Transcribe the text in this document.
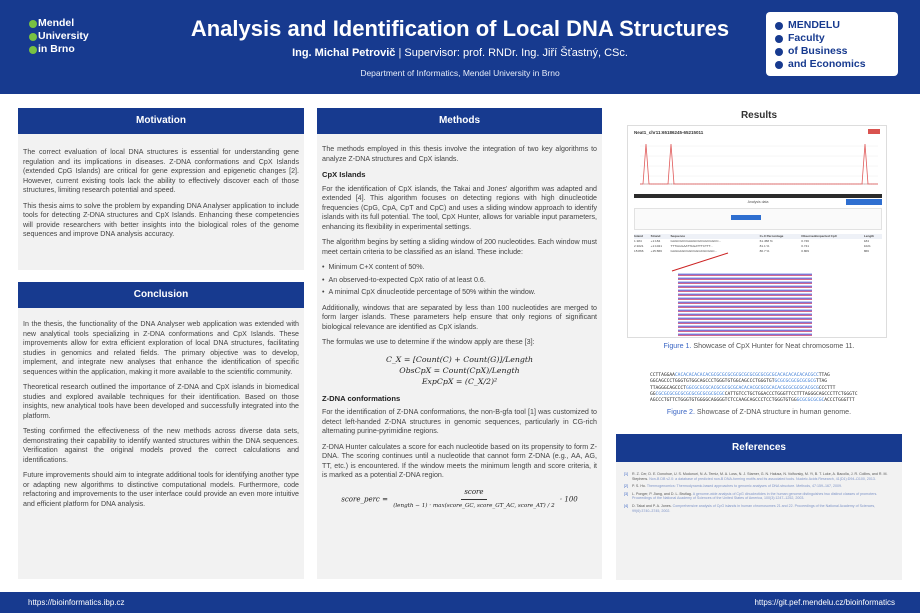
Mendel
University
in Brno
Analysis and Identification of Local DNA Structures
Ing. Michal Petrovič | Supervisor: prof. RNDr. Ing. Jiří Šťastný, CSc.
Department of Informatics, Mendel University in Brno
MENDELU
Faculty
of Business
and Economics
Motivation

The correct evaluation of local DNA structures is essential for understanding gene regulation and its implications in diseases. Z-DNA conformations and CpX Islands (extended CpG Islands) are critical for gene expression and epigenetic changes [2]. However, current existing tools lack the ability to effectively discover each of those structures, limiting research potential and speed.

This thesis aims to solve the problem by expanding DNA Analyser application to include tools for detecting Z-DNA structures and CpX Islands. Enhancing these competencies will provide researchers with better insights into the biological roles of the genome sequences and improve DNA analysis accuracy.

Conclusion

In the thesis, the functionality of the DNA Analyser web application was extended with new analytical tools specializing in Z-DNA conformations and CpX Islands. These improvements allow for extra efficient exploration of local DNA structures, facilitating studies in genomics and related fields. The primary objective was to develop, implement, and integrate new analyses that enhance the identification of specific sequences within the application, making it more available to the scientific community.

Theoretical research outlined the importance of Z-DNA and CpX islands in biomedical studies and explored available techniques for their identification. Based on those insights, new analytical tools have been developed and successfully integrated into the platform.

Testing confirmed the effectiveness of the new methods across diverse data sets, demonstrating their capability to identify wanted structures within the DNA sequences. Verification against the original models proved the correct calculations and identifications.

Future improvements should aim to integrate additional tools for identifying another type or adapting new algorithms to distinctive computational models. Furthermore, code refactoring and improvements to the user interface could provide an even more intuitive and efficient platform for DNA analysis.

Methods

The methods employed in this thesis involve the integration of two key algorithms to analyze Z-DNA structures and CpX islands.

CpX Islands

For the identification of CpX islands, the Takai and Jones' algorithm was adapted and extended [4]. This algorithm focuses on detecting regions with high dinucleotide frequencies (CpG, CpA, CpT and CpC) and uses a sliding window approach to identify islands with its full potential. The tool, CpX Hunter, allows for variable input parameters, enhancing its flexibility in experimental settings.

The algorithm begins by setting a sliding window of 200 nucleotides. Each window must meet certain criteria to be classified as an island. These include:

• Minimum C+X content of 50%.
• An observed-to-expected CpX ratio of at least 0.6.
• A minimal CpX dinucleotide percentage of 50% within the window.

Additionally, windows that are separated by less than 100 nucleotides are merged to form larger islands. These parameters help ensure that only regions of significant biological relevance are identified as CpX islands.

The formulas we use to determine if the window apply are these [3]:

C_X = [Count(C) + Count(G)]/Length
ObsCpX = Count(CpX)/Length
ExpCpX = (C_X/2)²
Z-DNA conformations

For the identification of Z-DNA conformations, the non-B-gfa tool [1] was customized to detect left-handed Z-DNA structures in genomic sequences, particularly in CG-rich alternating purine-pyrimidine regions.

Z-DNA Hunter calculates a score for each nucleotide based on its propensity to form Z-DNA. The scoring continues until a nucleotide that cannot form Z-DNA (e.g., AA, AG, TT, etc.) is encountered. If the window meets the minimum length and score criteria, it is marked as a potential Z-DNA region.

score_perc = $\frac{\text{score}}{\text{(length − 1) · max(score\_GC, score\_GT\_AC, score\_AT) / 2}} \cdot 100$
Results
Neat1_chr11:65186245-65215011
Analysis data
Island	Strand	Sequence	C+X Percentage	Observed/expected CpX	Length
1:184	+1:184	GAGCGCCGAAGCGCGGCGGCC...	61.458 %	0.746	184
2:1021	+1:1021	TTTGGGAATTAGATTTCTTT...	81.1 %	0.741	1021
15:866	+15:866	GAGGAGCGGCGGGCGCGGC...	80.7 %	0.809	866
Figure 1. Showcase of CpX Hunter for Neat chromosome 11.
CCTTAGGAACACACACACACACGCGCGCGCGCGCGCGCGCGCGCGCACACACACACACGCCTTAG
GGCAGCCCTGGGTGTGGCAGCCCTGGGTGTGGCAGCCCTGGGTGTGCGCGCGCGCGCGCGTTAG
TTAGGGCAGCCCTGGCGCGCGCACGCGCGCGCACACACGCGCGCACACGCGCGCGCACGCGCCCTTT
GGCGCGCGCGCGCGCGCGCGCGCGCGCCATTGTCCTGCTGGACCCTGGGTTCCTTTAGGGCAGCCCTTCTGGGTC
AGCCCTGTTCTGGGTGTGGGGCAGGGGTCTCCAAGCAGCCCTCCTGGGTGTGGGCGCGCGCGCACCCTGGGTTT
Figure 2. Showcase of Z-DNA structure in human genome.
References
[1]	R. Z. Cer, D. E. Donohue, U. S. Mudunuri, N. A. Temiz, M. A. Loss, N. J. Starner, G. N. Halusa, N. Volfovsky, M. Yi, B. T. Luke, A. Bacolla, J. R. Collins, and R. M. Stephens. Non-B DB v2.0: a database of predicted non-B DNA-forming motifs and its associated tools. Nucleic Acids Research, 41(D1):D94–D100, 2013.
[2]	P. S. Ho. Thermogenomics: Thermodynamic-based approaches to genomic analyses of DNA structure. Methods, 47:159–167, 2009.
[3]	L. Ponger, P. Jiang, and D. L. Brutlag. A genome-wide analysis of CpG dinucleotides in the human genome distinguishes two distinct classes of promoters. Proceedings of the National Academy of Sciences of the United States of America, 100(3):1247–1252, 2003.
[4]	D. Takai and P. A. Jones. Comprehensive analysis of CpG islands in human chromosomes 21 and 22. Proceedings of the National Academy of Sciences, 99(6):3740–3745, 2002.
https://bioinformatics.ibp.cz	https://git.pef.mendelu.cz/bioinformatics
